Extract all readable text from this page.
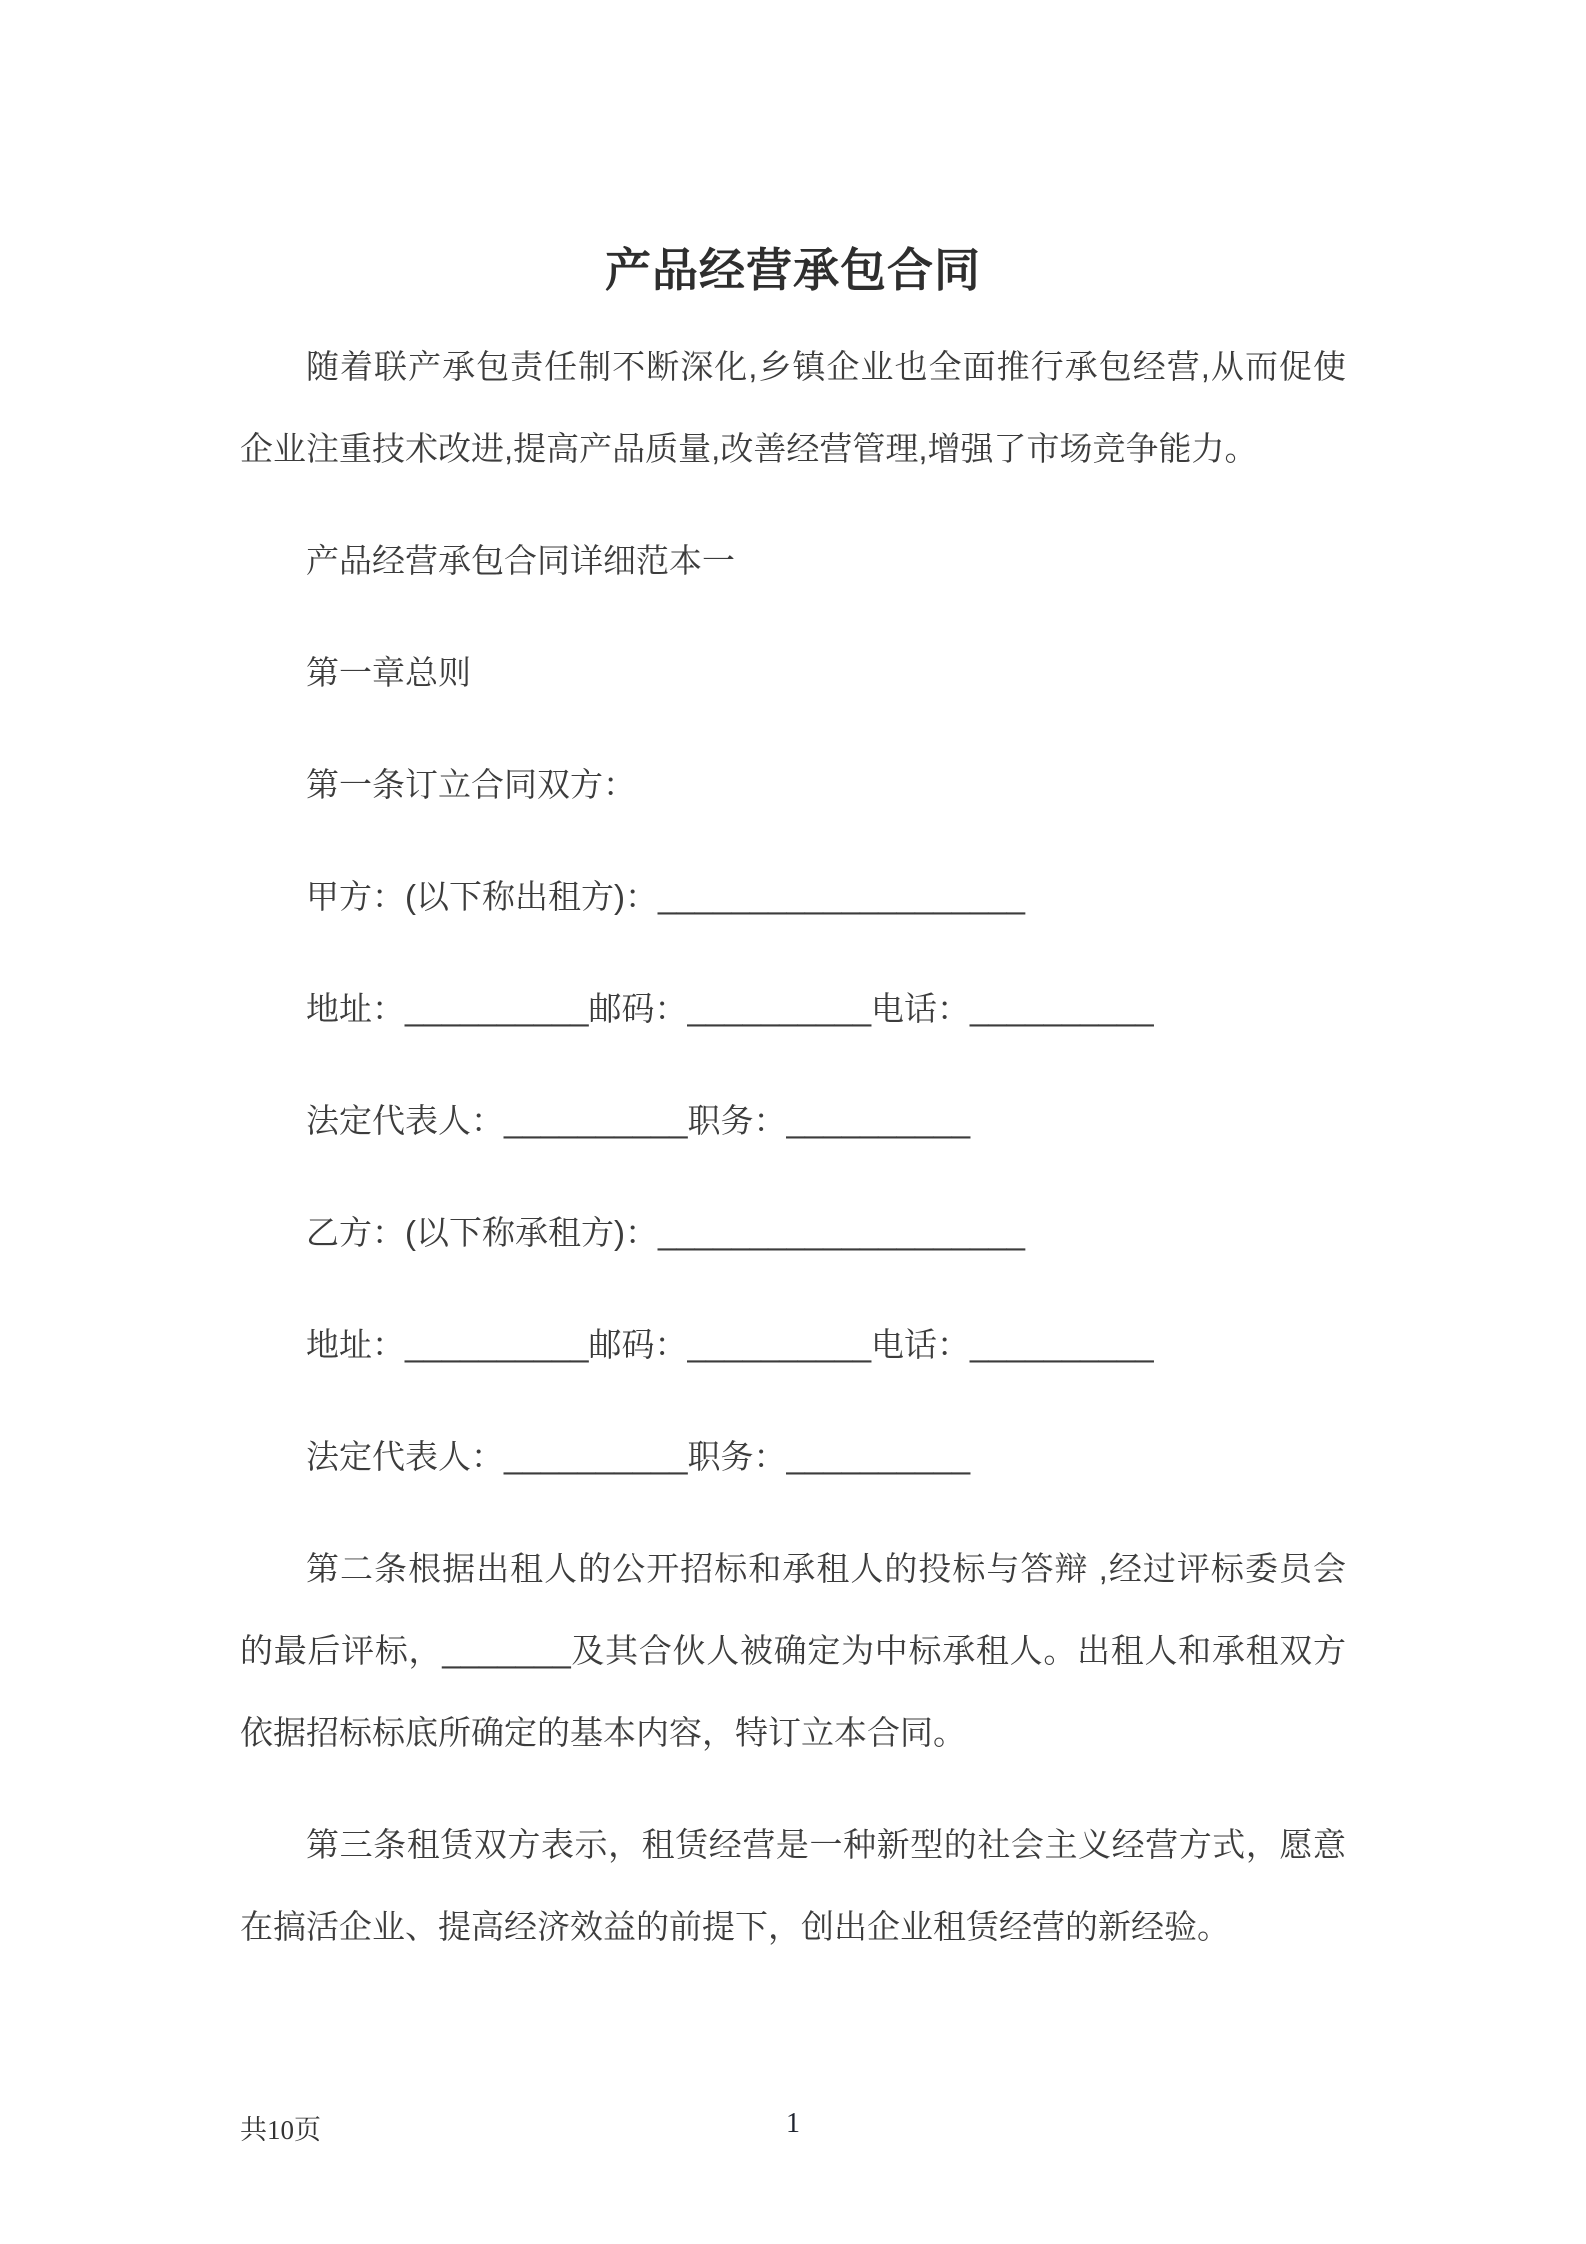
产品经营承包合同

随着联产承包责任制不断深化,乡镇企业也全面推行承包经营,从而促使企业注重技术改进,提高产品质量,改善经营管理,增强了市场竞争能力。

产品经营承包合同详细范本一

第一章总则

第一条订立合同双方：

甲方：(以下称出租方)：____________________

地址：__________邮码：__________电话：__________

法定代表人：__________职务：__________

乙方：(以下称承租方)：____________________

地址：__________邮码：__________电话：__________

法定代表人：__________职务：__________

第二条根据出租人的公开招标和承租人的投标与答辩 ,经过评标委员会的最后评标，_______及其合伙人被确定为中标承租人。出租人和承租双方依据招标标底所确定的基本内容，特订立本合同。

第三条租赁双方表示，租赁经营是一种新型的社会主义经营方式，愿意在搞活企业、提高经济效益的前提下，创出企业租赁经营的新经验。

共10页	1
